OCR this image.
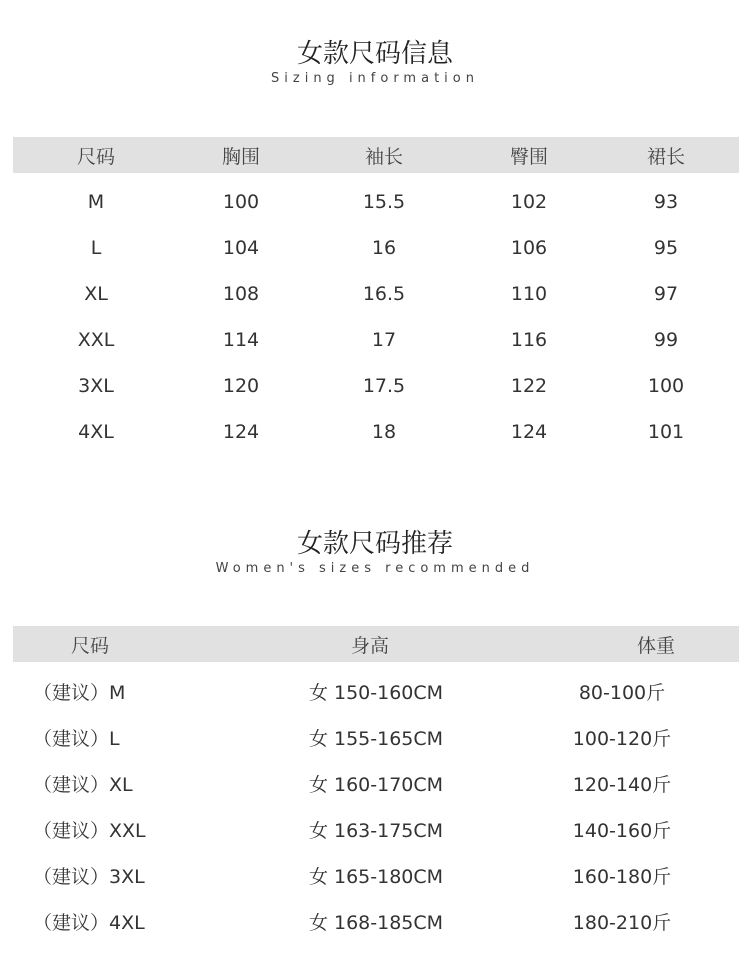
女款尺码信息
Sizing information
尺码	胸围	袖长	臀围	裙长
M	100	15.5	102	93
L	104	16	106	95
XL	108	16.5	110	97
XXL	114	17	116	99
3XL	120	17.5	122	100
4XL	124	18	124	101
女款尺码推荐
Women's sizes recommended
尺码	身高	体重
（建议）M	女 150-160CM	80-100斤
（建议）L	女 155-165CM	100-120斤
（建议）XL	女 160-170CM	120-140斤
（建议）XXL	女 163-175CM	140-160斤
（建议）3XL	女 165-180CM	160-180斤
（建议）4XL	女 168-185CM	180-210斤
